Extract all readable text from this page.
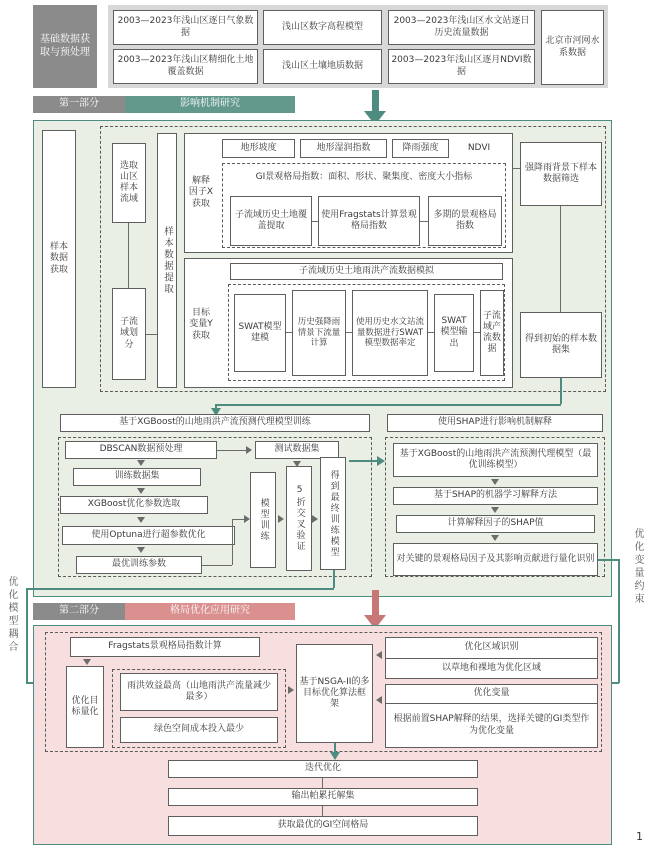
基础数据获取与预处理
2003—2023年浅山区逐日气象数据
浅山区数字高程模型
2003—2023年浅山区水文站逐日历史流量数据
北京市河网水系数据
2003—2023年浅山区精细化土地覆盖数据
浅山区土壤地质数据
2003—2023年浅山区逐月NDVI数据
第一部分	影响机制研究
样本数据获取
选取山区样本流域
子流域划分
样本数据提取
解释因子X获取
地形坡度	地形湿润指数	降雨强度	NDVI
GI景观格局指数：面积、形状、聚集度、密度大小指标
子流域历史土地覆盖提取
使用Fragstats计算景观格局指数
多期的景观格局指数
目标变量Y获取
子流域历史土地雨洪产流数据模拟
SWAT模型建模
历史强降雨情景下流量计算
使用历史水文站流量数据进行SWAT模型数据率定
SWAT模型输出
子流域产流数据
强降雨背景下样本数据筛选
得到初始的样本数据集
基于XGBoost的山地雨洪产流预测代理模型训练
DBSCAN数据预处理	测试数据集
训练数据集
XGBoost优化参数选取
使用Optuna进行超参数优化
最优训练参数
模型训练	5折交叉验证	得到最终训练模型
使用SHAP进行影响机制解释
基于XGBoost的山地雨洪产流预测代理模型（最优训练模型）
基于SHAP的机器学习解释方法
计算解释因子的SHAP值
对关键的景观格局因子及其影响贡献进行量化识别
第二部分	格局优化应用研究
Fragstats景观格局指数计算
优化目标量化
雨洪效益最高（山地雨洪产流量减少最多）
绿色空间成本投入最少
基于NSGA-II的多目标优化算法框架
优化区域识别
以草地和裸地为优化区域
优化变量
根据前置SHAP解释的结果，选择关键的GI类型作为优化变量
迭代优化
输出帕累托解集
获取最优的GI空间格局
优化模型耦合
优化变量约束
1
